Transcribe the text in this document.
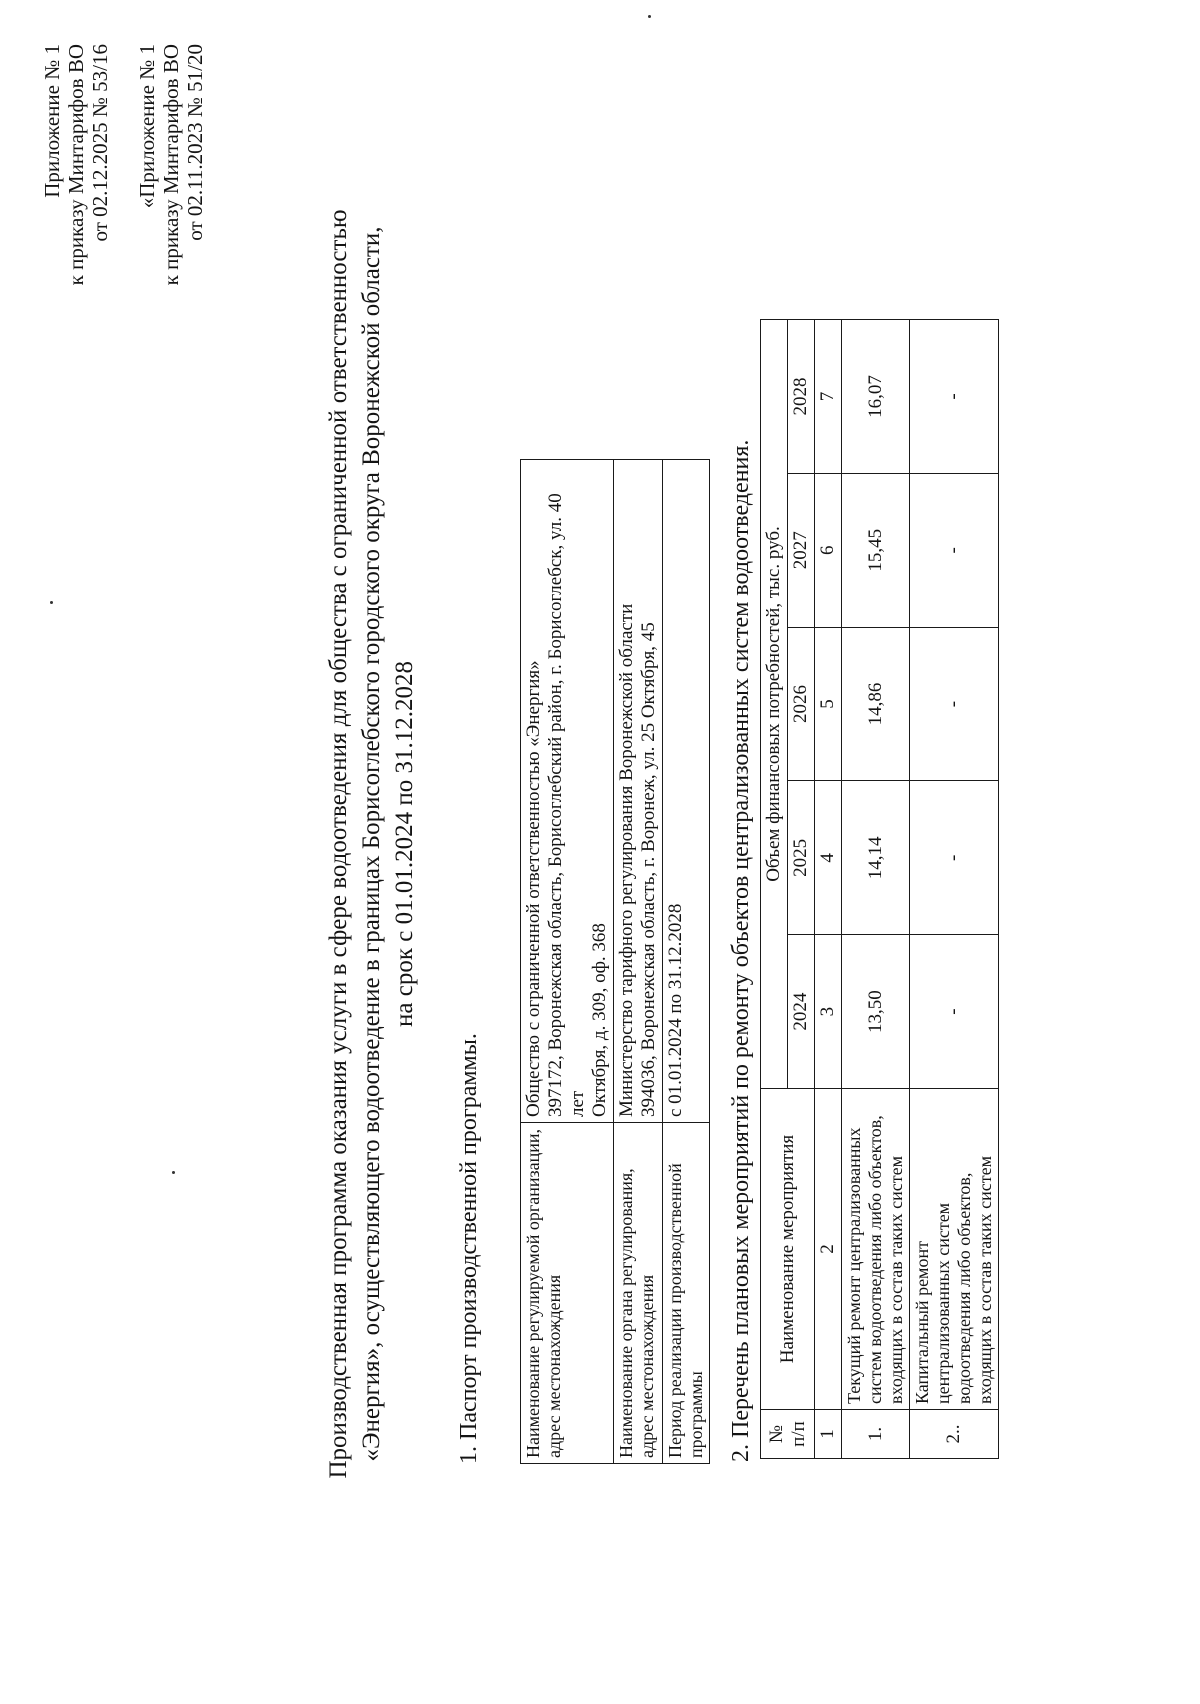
Приложение № 1 к приказу Минтарифов ВО от 02.12.2025 № 53/16 «Приложение № 1 к приказу Минтарифов ВО от 02.11.2023 № 51/20
Производственная программа оказания услуги в сфере водоотведения для общества с ограниченной ответственностью «Энергия», осуществляющего водоотведение в границах Борисоглебского городского округа Воронежской области, на срок с 01.01.2024 по 31.12.2028
1. Паспорт производственной программы. Наименование регулируемой организации, адрес местонахождения	Общество с ограниченной ответственностью «Энергия» 397172, Воронежская область, Борисоглебский район, г. Борисоглебск, ул. 40 лет Октября, д. 309, оф. 368

Наименование органа регулирования, адрес местонахождения	Министерство тарифного регулирования Воронежской области 394036, Воронежская область, г. Воронеж, ул. 25 Октября, 45

Период реализации производственной программы	с 01.01.2024 по 31.12.2028 2. Перечень плановых мероприятий по ремонту объектов централизованных систем водоотведения. № п/п	Наименование мероприятия	Объем финансовых потребностей, тыс. руб.				
		2024	2025	2026	2027	2028
1	2	3	4	5	6	7
1.	Текущий ремонт централизованных систем водоотведения либо объектов, входящих в состав таких систем	13,50	14,14	14,86	15,45	16,07
2..	Капитальный ремонт централизованных систем водоотведения либо объектов, входящих в состав таких систем	-	-	-	-	-
